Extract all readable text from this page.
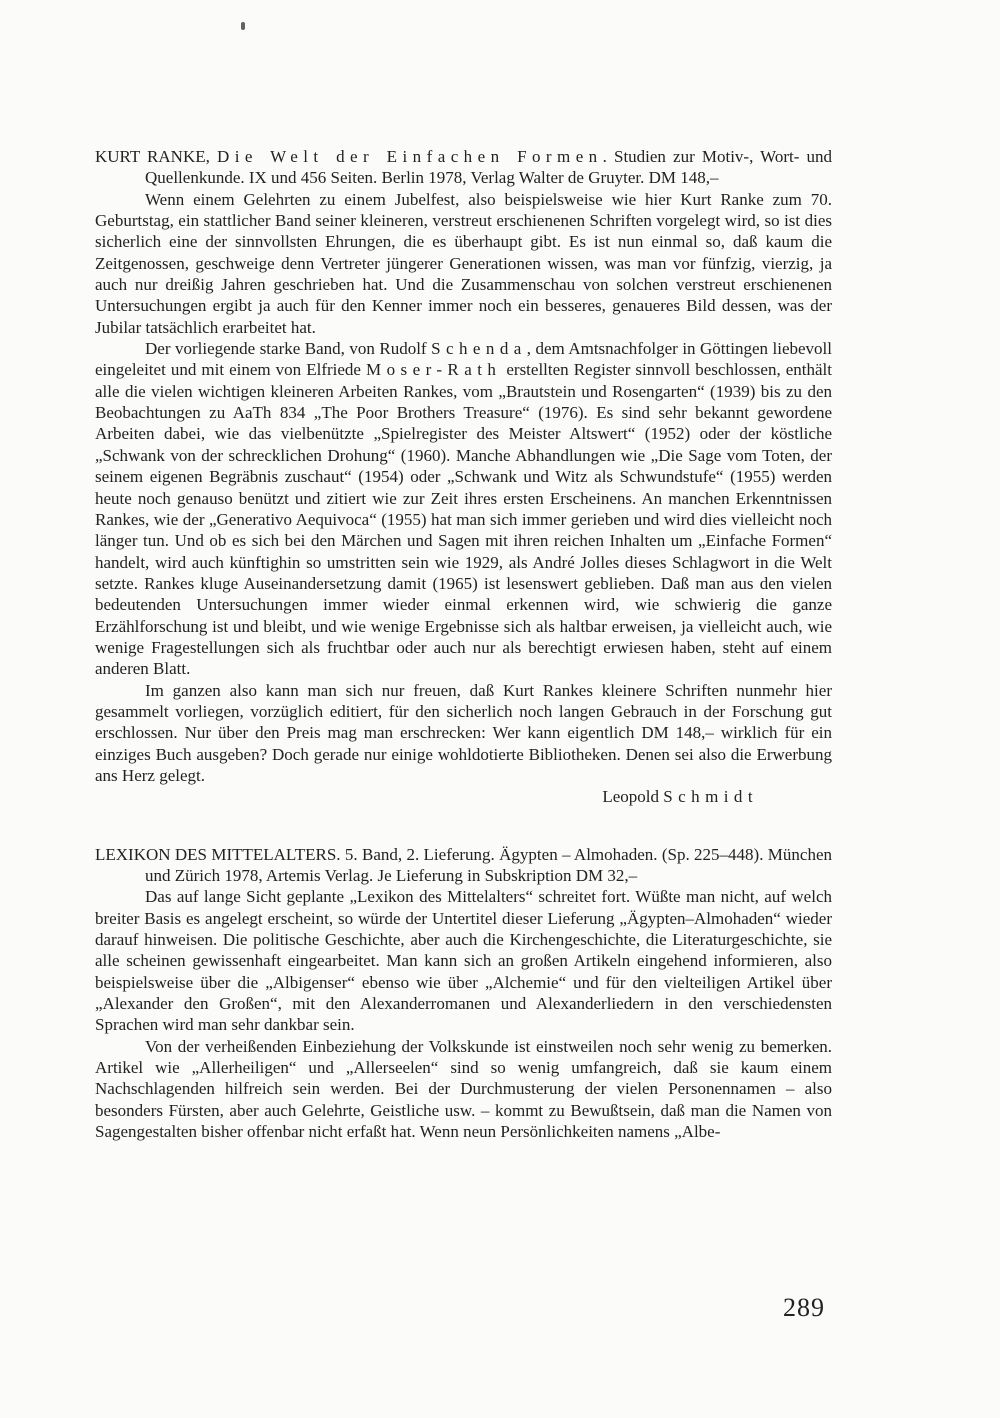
KURT RANKE, Die Welt der Einfachen Formen. Studien zur Motiv-, Wort- und Quellenkunde. IX und 456 Seiten. Berlin 1978, Verlag Walter de Gruyter. DM 148,–

Wenn einem Gelehrten zu einem Jubelfest, also beispielsweise wie hier Kurt Ranke zum 70. Geburtstag, ein stattlicher Band seiner kleineren, verstreut erschienenen Schriften vorgelegt wird, so ist dies sicherlich eine der sinnvollsten Ehrungen, die es überhaupt gibt. Es ist nun einmal so, daß kaum die Zeitgenossen, geschweige denn Vertreter jüngerer Generationen wissen, was man vor fünfzig, vierzig, ja auch nur dreißig Jahren geschrieben hat. Und die Zusammenschau von solchen verstreut erschienenen Untersuchungen ergibt ja auch für den Kenner immer noch ein besseres, genaueres Bild dessen, was der Jubilar tatsächlich erarbeitet hat.

Der vorliegende starke Band, von Rudolf Schenda, dem Amtsnachfolger in Göttingen liebevoll eingeleitet und mit einem von Elfriede Moser-Rath erstellten Register sinnvoll beschlossen, enthält alle die vielen wichtigen kleineren Arbeiten Rankes, vom „Brautstein und Rosengarten“ (1939) bis zu den Beobachtungen zu AaTh 834 „The Poor Brothers Treasure“ (1976). Es sind sehr bekannt gewordene Arbeiten dabei, wie das vielbenützte „Spielregister des Meister Altswert“ (1952) oder der köstliche „Schwank von der schrecklichen Drohung“ (1960). Manche Abhandlungen wie „Die Sage vom Toten, der seinem eigenen Begräbnis zuschaut“ (1954) oder „Schwank und Witz als Schwundstufe“ (1955) werden heute noch genauso benützt und zitiert wie zur Zeit ihres ersten Erscheinens. An manchen Erkenntnissen Rankes, wie der „Generativo Aequivoca“ (1955) hat man sich immer gerieben und wird dies vielleicht noch länger tun. Und ob es sich bei den Märchen und Sagen mit ihren reichen Inhalten um „Einfache Formen“ handelt, wird auch künftighin so umstritten sein wie 1929, als André Jolles dieses Schlagwort in die Welt setzte. Rankes kluge Auseinandersetzung damit (1965) ist lesenswert geblieben. Daß man aus den vielen bedeutenden Untersuchungen immer wieder einmal erkennen wird, wie schwierig die ganze Erzählforschung ist und bleibt, und wie wenige Ergebnisse sich als haltbar erweisen, ja vielleicht auch, wie wenige Fragestellungen sich als fruchtbar oder auch nur als berechtigt erwiesen haben, steht auf einem anderen Blatt.

Im ganzen also kann man sich nur freuen, daß Kurt Rankes kleinere Schriften nunmehr hier gesammelt vorliegen, vorzüglich editiert, für den sicherlich noch langen Gebrauch in der Forschung gut erschlossen. Nur über den Preis mag man erschrecken: Wer kann eigentlich DM 148,– wirklich für ein einziges Buch ausgeben? Doch gerade nur einige wohldotierte Bibliotheken. Denen sei also die Erwerbung ans Herz gelegt.

Leopold Schmidt

LEXIKON DES MITTELALTERS. 5. Band, 2. Lieferung. Ägypten – Almohaden. (Sp. 225–448). München und Zürich 1978, Artemis Verlag. Je Lieferung in Subskription DM 32,–

Das auf lange Sicht geplante „Lexikon des Mittelalters“ schreitet fort. Wüßte man nicht, auf welch breiter Basis es angelegt erscheint, so würde der Untertitel dieser Lieferung „Ägypten–Almohaden“ wieder darauf hinweisen. Die politische Geschichte, aber auch die Kirchengeschichte, die Literaturgeschichte, sie alle scheinen gewissenhaft eingearbeitet. Man kann sich an großen Artikeln eingehend informieren, also beispielsweise über die „Albigenser“ ebenso wie über „Alchemie“ und für den vielteiligen Artikel über „Alexander den Großen“, mit den Alexanderromanen und Alexanderliedern in den verschiedensten Sprachen wird man sehr dankbar sein.

Von der verheißenden Einbeziehung der Volkskunde ist einstweilen noch sehr wenig zu bemerken. Artikel wie „Allerheiligen“ und „Allerseelen“ sind so wenig umfangreich, daß sie kaum einem Nachschlagenden hilfreich sein werden. Bei der Durchmusterung der vielen Personennamen – also besonders Fürsten, aber auch Gelehrte, Geistliche usw. – kommt zu Bewußtsein, daß man die Namen von Sagengestalten bisher offenbar nicht erfaßt hat. Wenn neun Persönlichkeiten namens „Albe-

289
